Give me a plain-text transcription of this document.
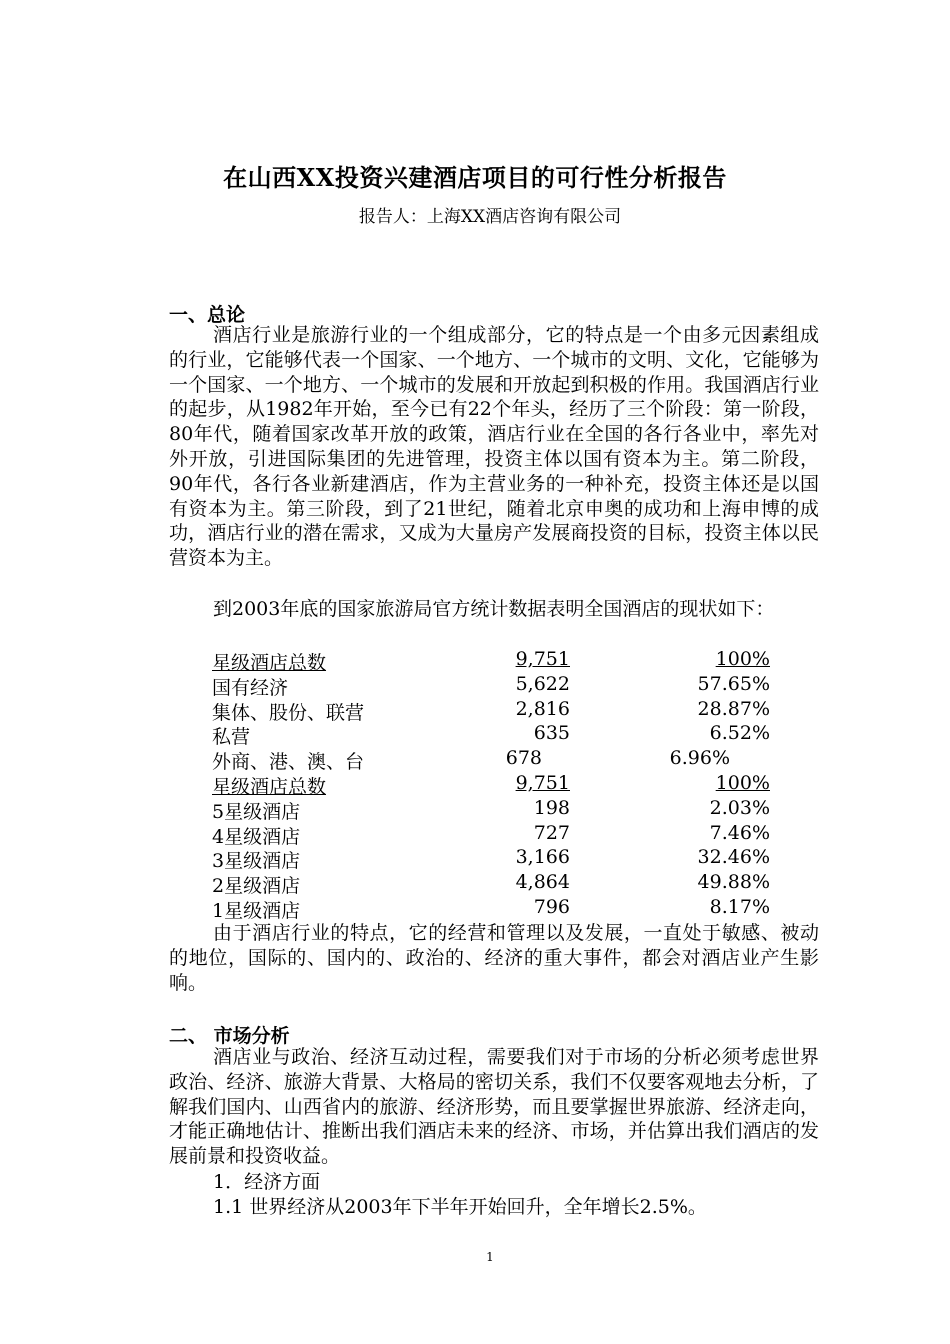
在山西XX投资兴建酒店项目的可行性分析报告
报告人：上海XX酒店咨询有限公司
一、总论
酒店行业是旅游行业的一个组成部分，它的特点是一个由多元因素组成的行业，它能够代表一个国家、一个地方、一个城市的文明、文化，它能够为一个国家、一个地方、一个城市的发展和开放起到积极的作用。我国酒店行业的起步，从1982年开始，至今已有22个年头，经历了三个阶段：第一阶段，80年代，随着国家改革开放的政策，酒店行业在全国的各行各业中，率先对外开放，引进国际集团的先进管理，投资主体以国有资本为主。第二阶段，90年代，各行各业新建酒店，作为主营业务的一种补充，投资主体还是以国有资本为主。第三阶段，到了21世纪，随着北京申奥的成功和上海申博的成功，酒店行业的潜在需求，又成为大量房产发展商投资的目标，投资主体以民营资本为主。
到2003年底的国家旅游局官方统计数据表明全国酒店的现状如下：
星级酒店总数	9,751	100%
国有经济	5,622	57.65%
集体、股份、联营	2,816	28.87%
私营	635	6.52%
外商、港、澳、台	678	6.96%
星级酒店总数	9,751	100%
5星级酒店	198	2.03%
4星级酒店	727	7.46%
3星级酒店	3,166	32.46%
2星级酒店	4,864	49.88%
1星级酒店	796	8.17%
由于酒店行业的特点，它的经营和管理以及发展，一直处于敏感、被动的地位，国际的、国内的、政治的、经济的重大事件，都会对酒店业产生影响。
二、 市场分析
酒店业与政治、经济互动过程，需要我们对于市场的分析必须考虑世界政治、经济、旅游大背景、大格局的密切关系，我们不仅要客观地去分析，了解我们国内、山西省内的旅游、经济形势，而且要掌握世界旅游、经济走向，才能正确地估计、推断出我们酒店未来的经济、市场，并估算出我们酒店的发展前景和投资收益。
1．经济方面
1.1 世界经济从2003年下半年开始回升，全年增长2.5%。
1
